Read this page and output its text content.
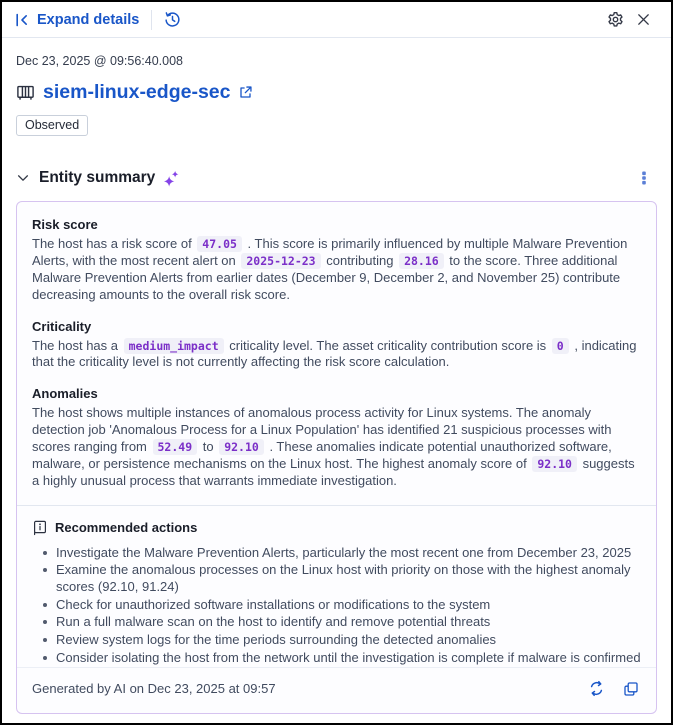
Expand details
Dec 23, 2025 @ 09:56:40.008
siem-linux-edge-sec
Observed
Entity summary
Risk score

The host has a risk score of 47.05 . This score is primarily influenced by multiple Malware Prevention Alerts, with the most recent alert on 2025-12-23 contributing 28.16 to the score. Three additional Malware Prevention Alerts from earlier dates (December 9, December 2, and November 25) contribute decreasing amounts to the overall risk score.

Criticality

The host has a medium_impact criticality level. The asset criticality contribution score is 0 , indicating that the criticality level is not currently affecting the risk score calculation.

Anomalies

The host shows multiple instances of anomalous process activity for Linux systems. The anomaly detection job 'Anomalous Process for a Linux Population' has identified 21 suspicious processes with scores ranging from 52.49 to 92.10 . These anomalies indicate potential unauthorized software, malware, or persistence mechanisms on the Linux host. The highest anomaly score of 92.10 suggests a highly unusual process that warrants immediate investigation.

Recommended actions
Investigate the Malware Prevention Alerts, particularly the most recent one from December 23, 2025
Examine the anomalous processes on the Linux host with priority on those with the highest anomaly scores (92.10, 91.24)
Check for unauthorized software installations or modifications to the system
Run a full malware scan on the host to identify and remove potential threats
Review system logs for the time periods surrounding the detected anomalies
Consider isolating the host from the network until the investigation is complete if malware is confirmed
Generated by AI on Dec 23, 2025 at 09:57
